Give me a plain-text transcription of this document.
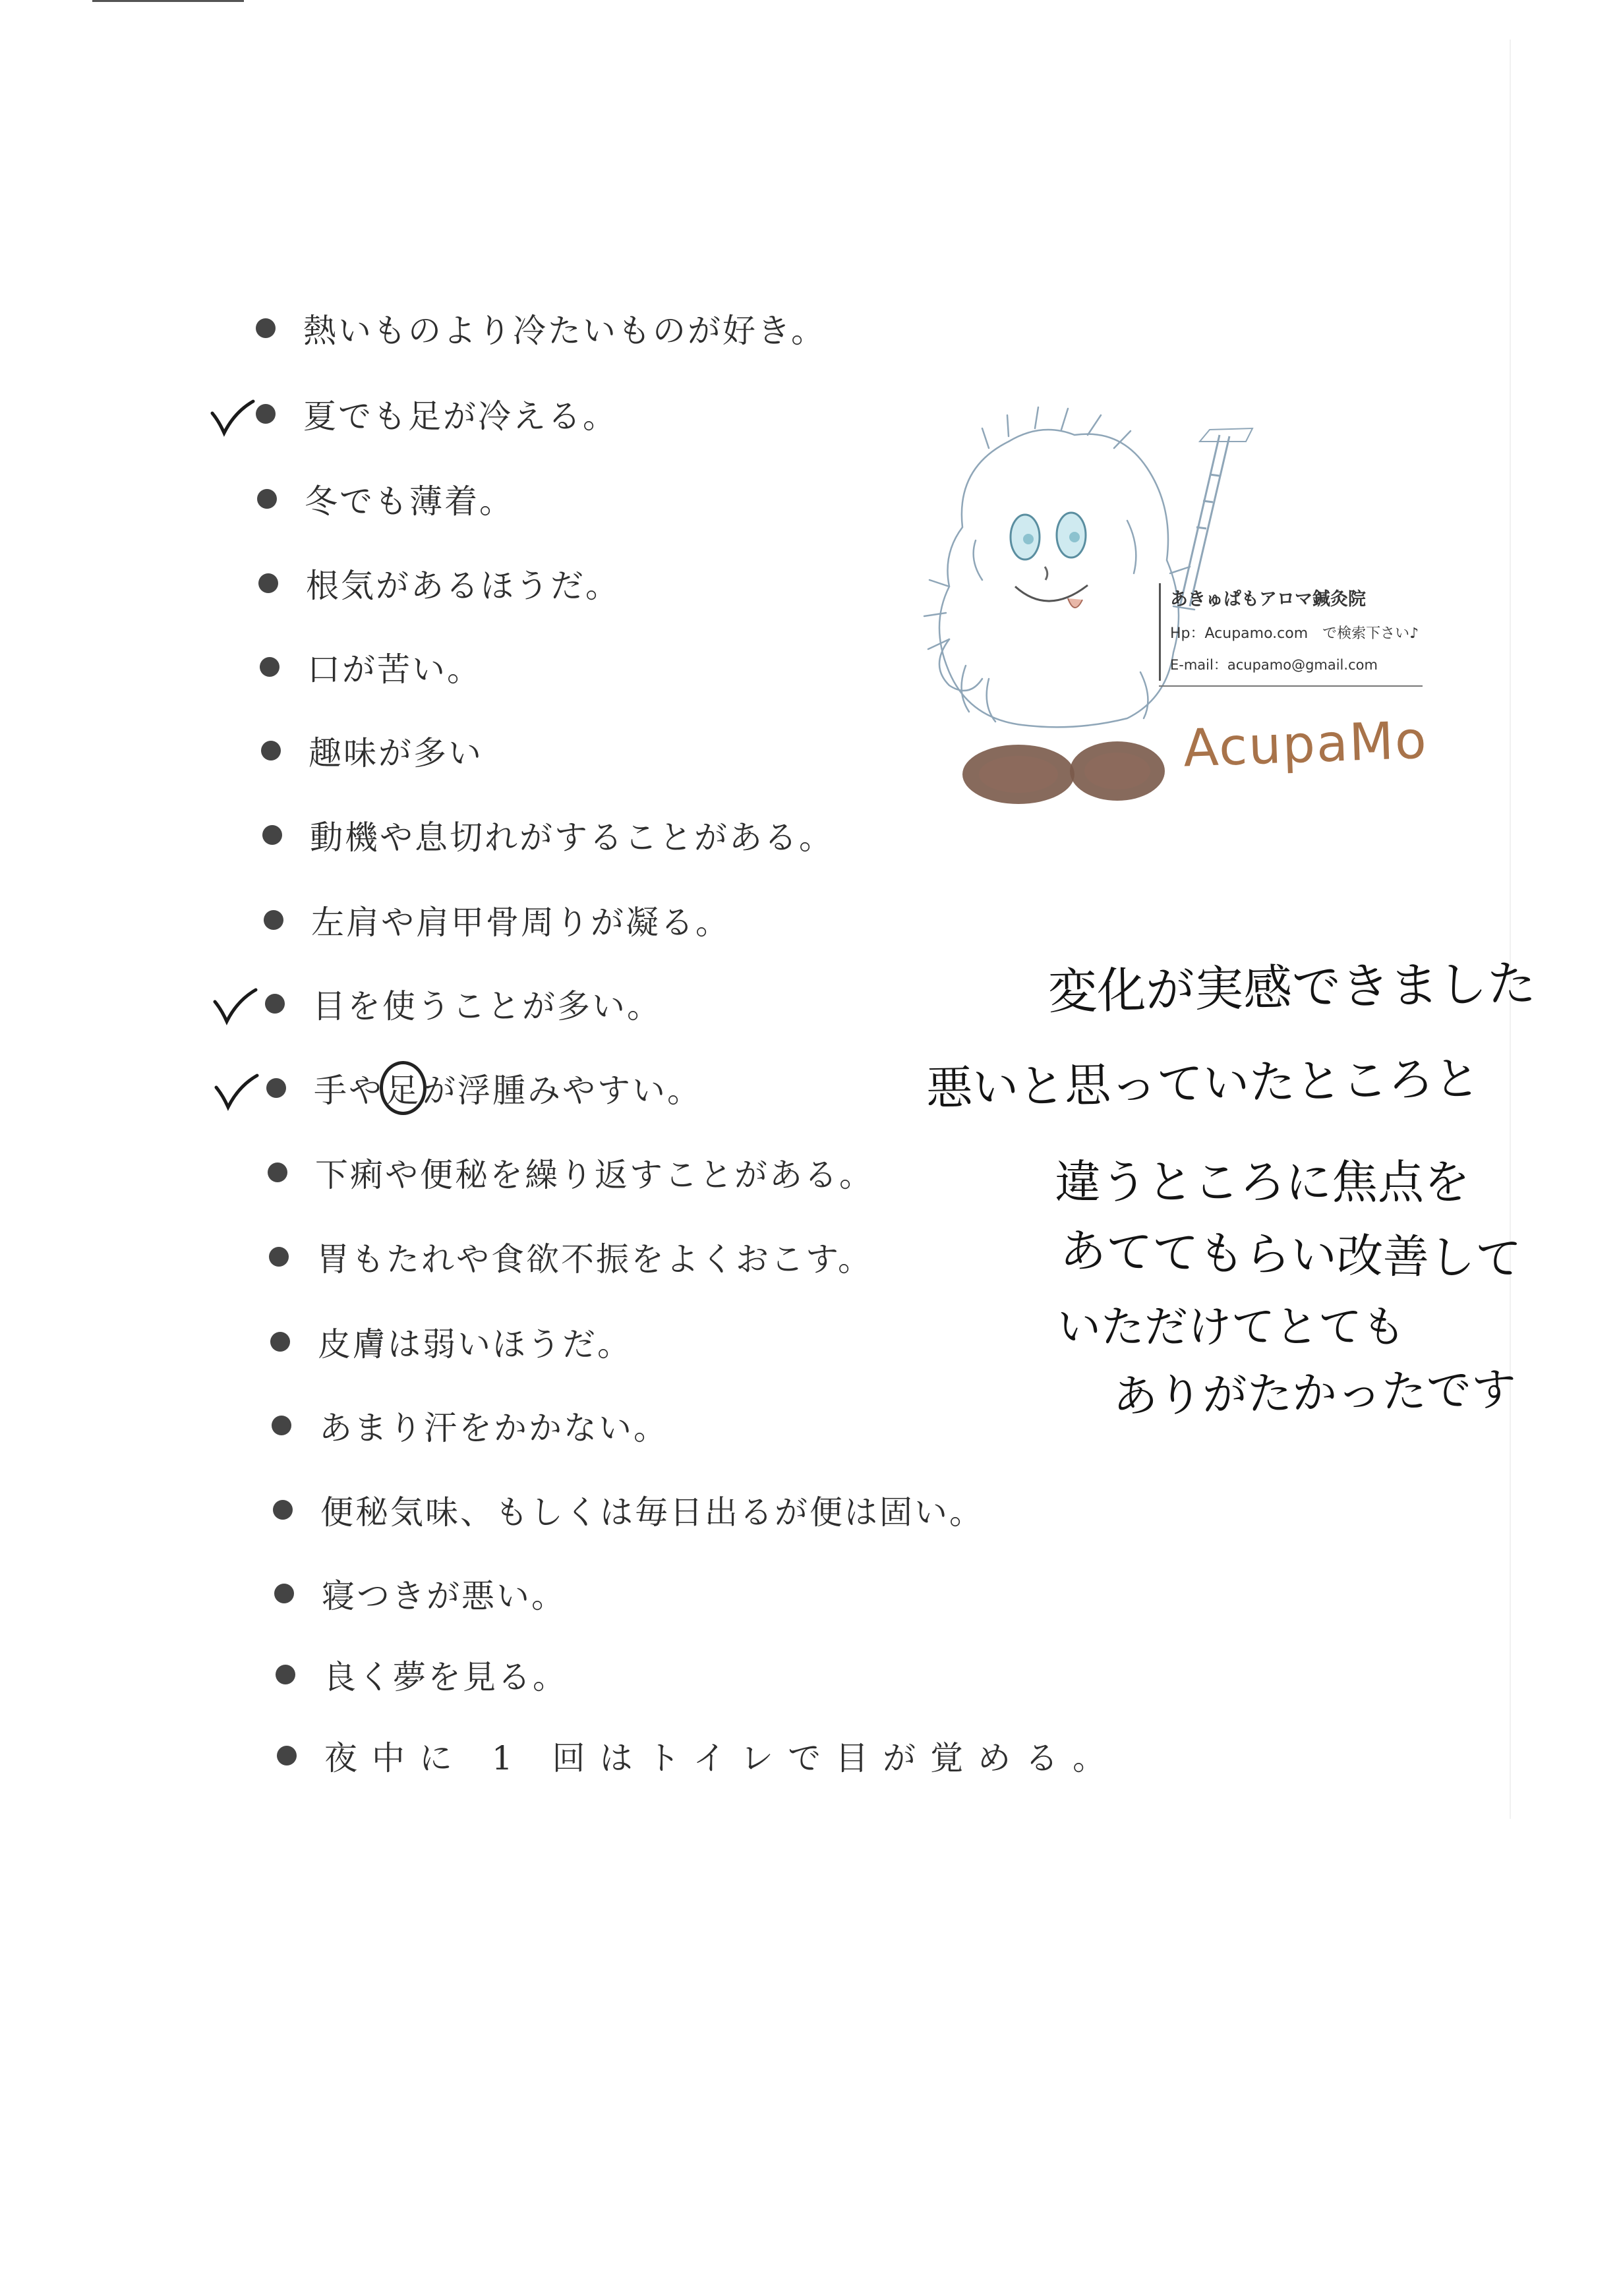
熱いものより冷たいものが好き。
夏でも足が冷える。
冬でも薄着。
根気があるほうだ。
口が苦い。
趣味が多い
動機や息切れがすることがある。
左肩や肩甲骨周りが凝る。
目を使うことが多い。
手や足が浮腫みやすい。
下痢や便秘を繰り返すことがある。
胃もたれや食欲不振をよくおこす。
皮膚は弱いほうだ。
あまり汗をかかない。
便秘気味、もしくは毎日出るが便は固い。
寝つきが悪い。
良く夢を見る。
夜中に 1 回はトイレで目が覚める。
あきゅぱもアロマ鍼灸院
Hp：Acupamo.com　で検索下さい♪
E-mail：acupamo@gmail.com
AcupaMo
変化が実感できました
悪いと思っていたところと
違うところに焦点を
あててもらい改善して
いただけてとても
ありがたかったです
